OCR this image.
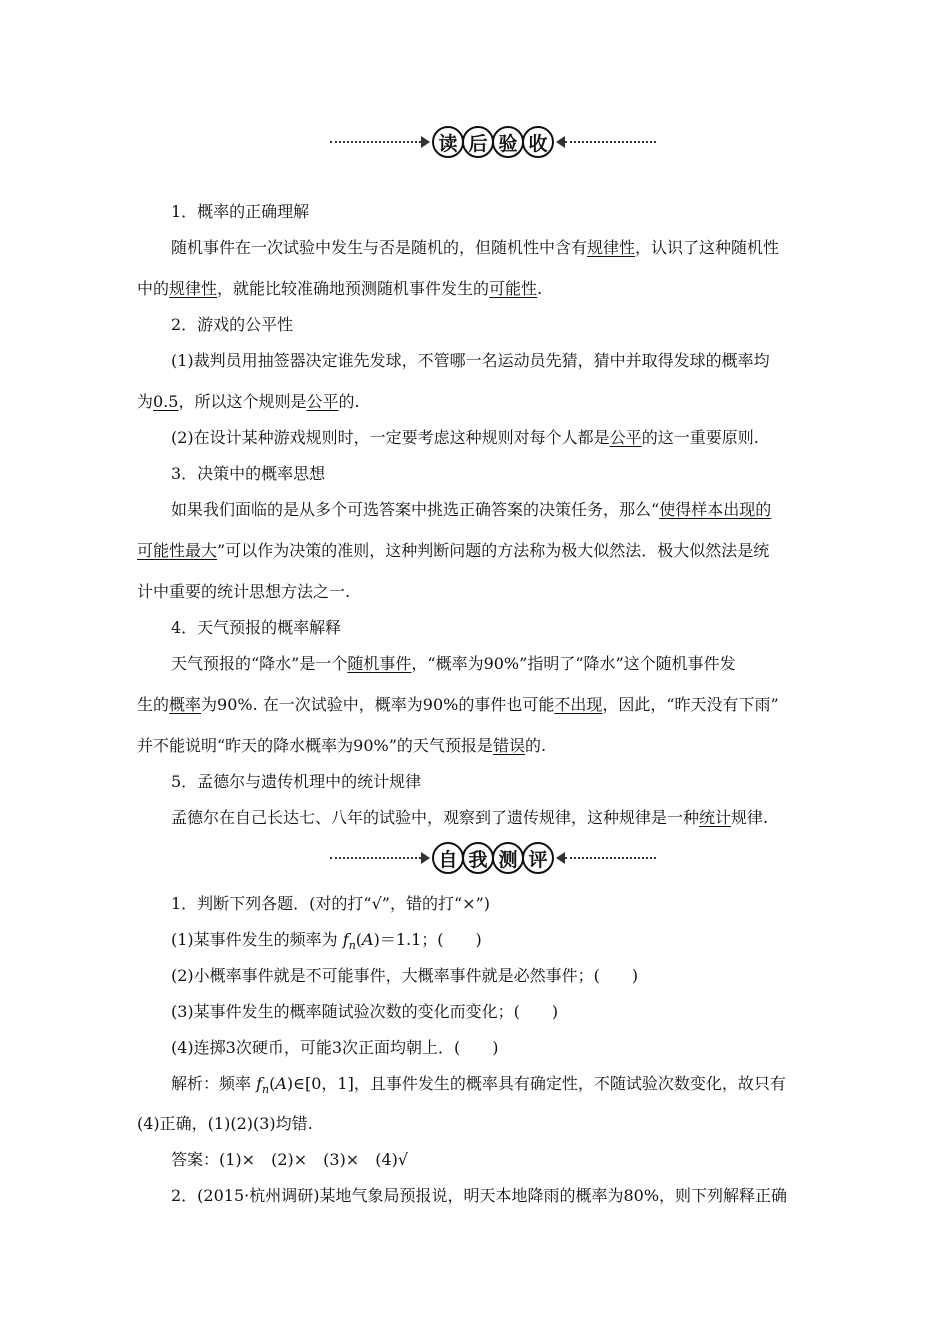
读 后 验 收
1．概率的正确理解
随机事件在一次试验中发生与否是随机的，但随机性中含有规律性，认识了这种随机性
中的规律性，就能比较准确地预测随机事件发生的可能性.
2．游戏的公平性
(1)裁判员用抽签器决定谁先发球，不管哪一名运动员先猜，猜中并取得发球的概率均
为0.5，所以这个规则是公平的.
(2)在设计某种游戏规则时，一定要考虑这种规则对每个人都是公平的这一重要原则.
3．决策中的概率思想
如果我们面临的是从多个可选答案中挑选正确答案的决策任务，那么“使得样本出现的
可能性最大”可以作为决策的准则，这种判断问题的方法称为极大似然法．极大似然法是统
计中重要的统计思想方法之一.
4．天气预报的概率解释
天气预报的“降水”是一个随机事件，“概率为90%”指明了“降水”这个随机事件发
生的概率为90%. 在一次试验中，概率为90%的事件也可能不出现，因此，“昨天没有下雨”
并不能说明“昨天的降水概率为90%”的天气预报是错误的.
5．孟德尔与遗传机理中的统计规律
孟德尔在自己长达七、八年的试验中，观察到了遗传规律，这种规律是一种统计规律.
自 我 测 评
1．判断下列各题．(对的打“√”，错的打“×”)
(1)某事件发生的频率为 $f_n(A)=1.1$；(　　)
(2)小概率事件就是不可能事件，大概率事件就是必然事件；(　　)
(3)某事件发生的概率随试验次数的变化而变化；(　　)
(4)连掷3次硬币，可能3次正面均朝上．(　　)
解析：频率 $f_n(A)\in[0$，1]，且事件发生的概率具有确定性，不随试验次数变化，故只有
(4)正确，(1)(2)(3)均错.
答案：(1)×　(2)×　(3)×　(4)√
2．(2015·杭州调研)某地气象局预报说，明天本地降雨的概率为80%，则下列解释正确
